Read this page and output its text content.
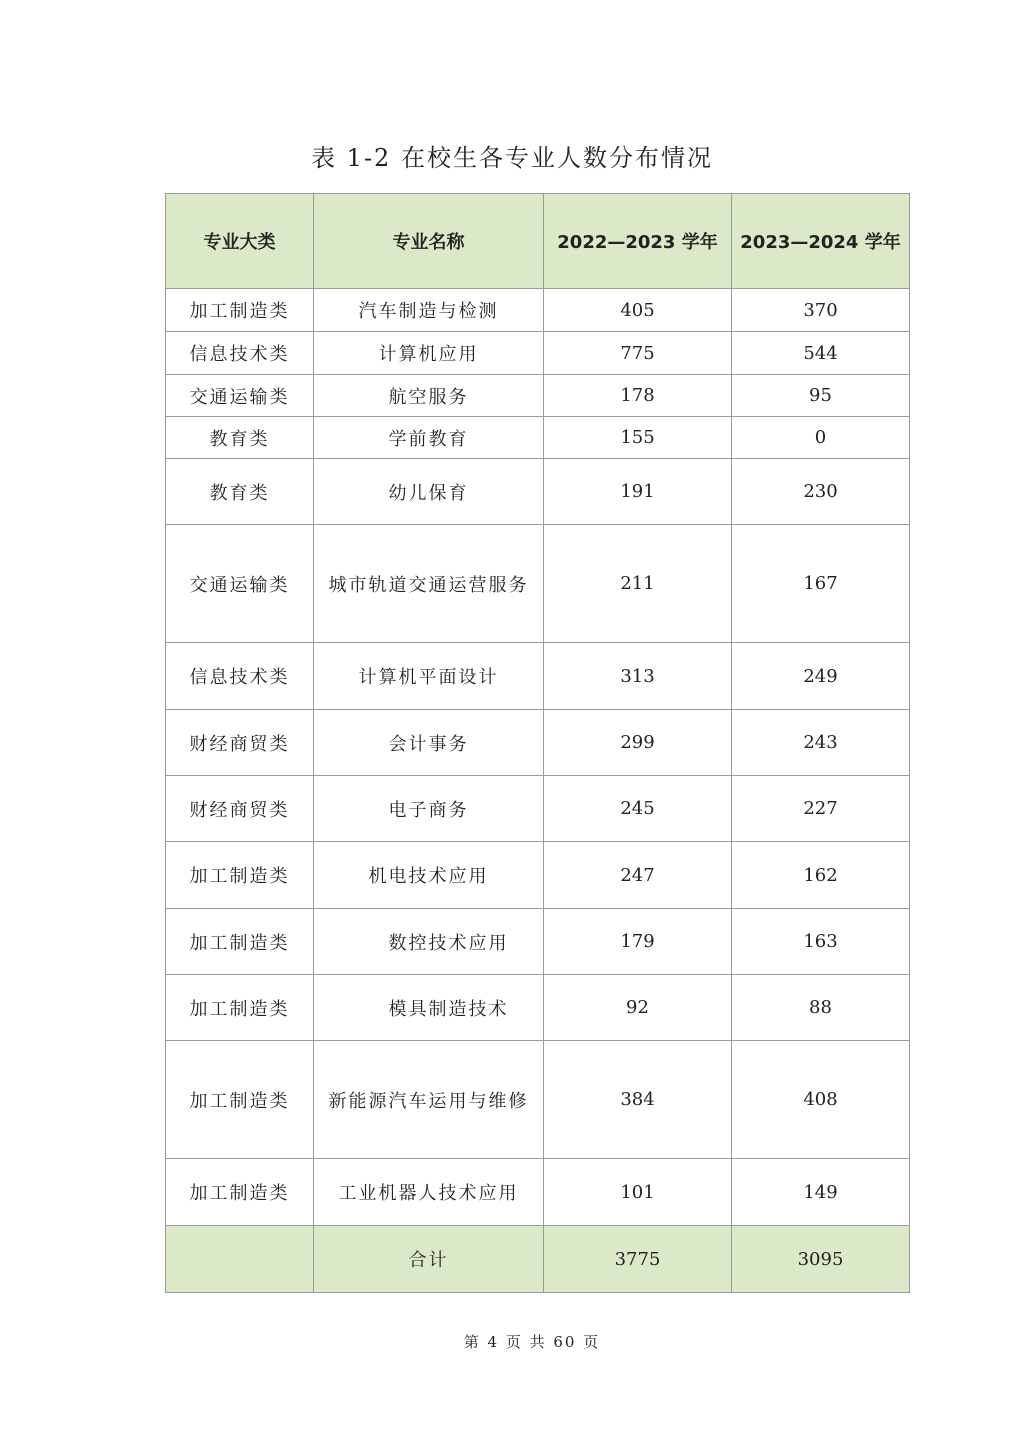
表 1-2 在校生各专业人数分布情况
专业大类	专业名称	2022—2023 学年	2023—2024 学年
加工制造类	汽车制造与检测	405	370
信息技术类	计算机应用	775	544
交通运输类	航空服务	178	95
教育类	学前教育	155	0
教育类	幼儿保育	191	230
交通运输类	城市轨道交通运营服务	211	167
信息技术类	计算机平面设计	313	249
财经商贸类	会计事务	299	243
财经商贸类	电子商务	245	227
加工制造类	机电技术应用	247	162
加工制造类	数控技术应用	179	163
加工制造类	模具制造技术	92	88
加工制造类	新能源汽车运用与维修	384	408
加工制造类	工业机器人技术应用	101	149
	合计	3775	3095
第 4 页 共 60 页
